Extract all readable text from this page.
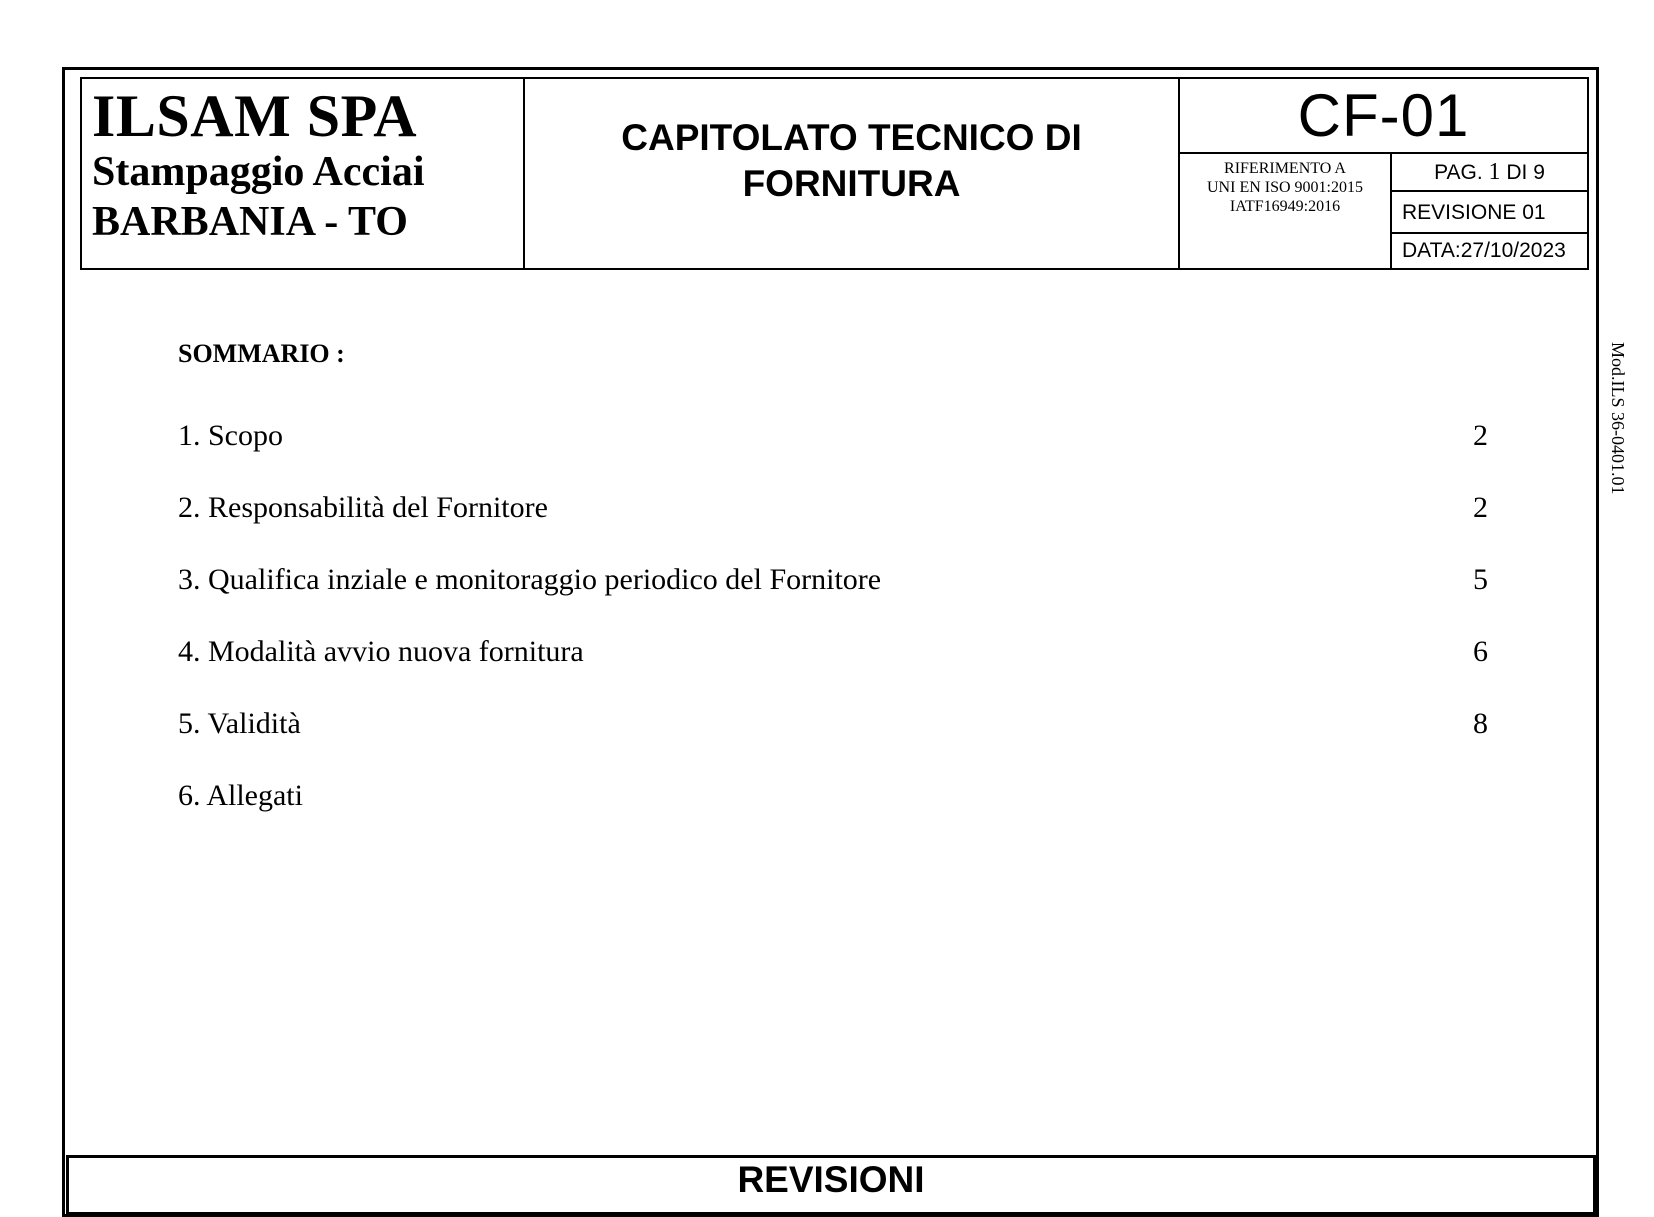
ILSAM SPA
Stampaggio Acciai
BARBANIA - TO
CAPITOLATO TECNICO DI
FORNITURA
CF-01
RIFERIMENTO A
UNI EN ISO 9001:2015
IATF16949:2016
PAG. 1 DI 9
REVISIONE 01
DATA:27/10/2023
SOMMARIO :
1. Scopo	2
2. Responsabilità del Fornitore	2
3. Qualifica inziale e monitoraggio periodico del Fornitore	5
4. Modalità avvio nuova fornitura	6
5. Validità	8
6. Allegati
Mod.ILS 36-0401.01
REVISIONI
